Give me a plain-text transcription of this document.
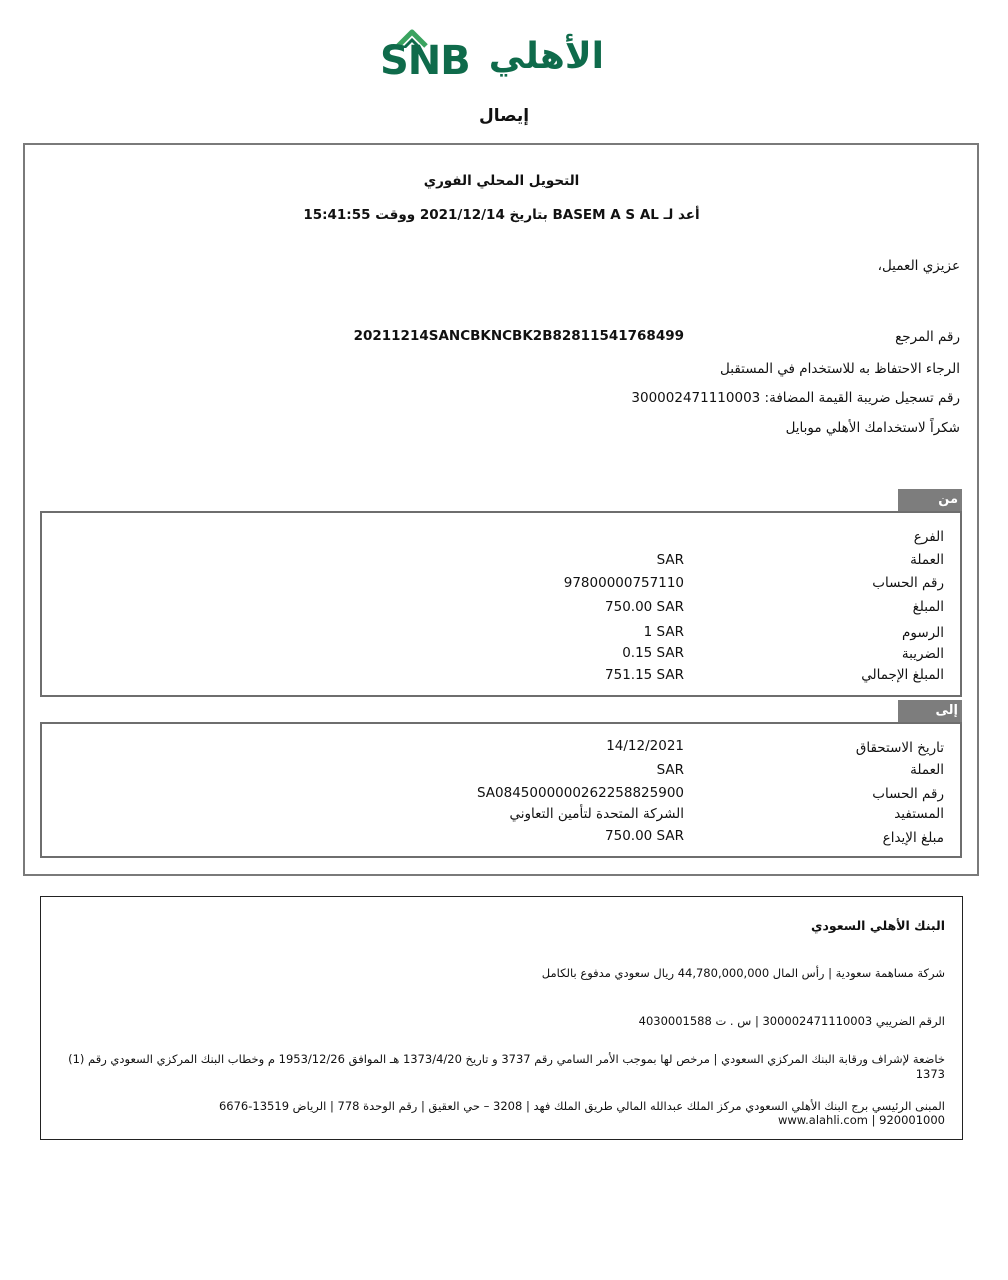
SNB الأهلي
إيصال
التحويل المحلي الفوري
أعد لـ BASEM A S AL بتاريخ 2021/12/14 ووقت 15:41:55
عزيزي العميل،
رقم المرجع
20211214SANCBKNCBK2B82811541768499
الرجاء الاحتفاظ به للاستخدام في المستقبل
رقم تسجيل ضريبة القيمة المضافة: 300002471110003
شكراً لاستخدامك الأهلي موبايل
من
الفرع
العملة
SAR
رقم الحساب
97800000757110
المبلغ
750.00 SAR
الرسوم
1 SAR
الضريبة
0.15 SAR
المبلغ الإجمالي
751.15 SAR
إلى
تاريخ الاستحقاق
14/12/2021
العملة
SAR
رقم الحساب
SA0845000000262258825900
المستفيد
الشركة المتحدة لتأمين التعاوني
مبلغ الإيداع
750.00 SAR
البنك الأهلي السعودي
شركة مساهمة سعودية | رأس المال 44,780,000,000 ريال سعودي مدفوع بالكامل
الرقم الضريبي 300002471110003 | س . ت 4030001588
خاضعة لإشراف ورقابة البنك المركزي السعودي | مرخص لها بموجب الأمر السامي رقم 3737 و تاريخ 1373/4/20 هـ الموافق 1953/12/26 م وخطاب البنك المركزي السعودي رقم (1) 1373
المبنى الرئيسي برج البنك الأهلي السعودي مركز الملك عبدالله المالي طريق الملك فهد | 3208 – حي العقيق | رقم الوحدة 778 | الرياض 13519-6676
www.alahli.com | 920001000
